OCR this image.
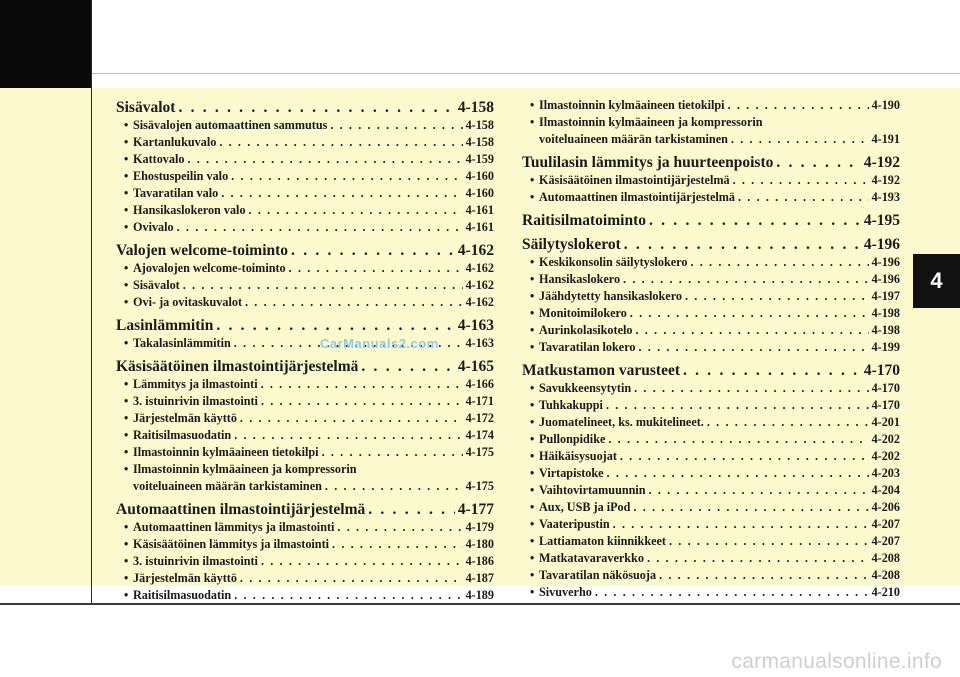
4
Sisävalot . . .	4-158
• Sisävalojen automaattinen sammutus . . .	4-158
• Kartanlukuvalo . . .	4-158
• Kattovalo . . .	4-159
• Ehostuspeilin valo . . .	4-160
• Tavaratilan valo . . .	4-160
• Hansikaslokeron valo . . .	4-161
• Ovivalo . . .	4-161
Valojen welcome-toiminto . . .	4-162
• Ajovalojen welcome-toiminto . . .	4-162
• Sisävalot . . .	4-162
• Ovi- ja ovitaskuvalot . . .	4-162
Lasinlämmitin . . .	4-163
• Takalasinlämmitin . . .	4-163
Käsisäätöinen ilmastointijärjestelmä . . .	4-165
• Lämmitys ja ilmastointi . . .	4-166
• 3. istuinrivin ilmastointi . . .	4-171
• Järjestelmän käyttö . . .	4-172
• Raitisilmasuodatin . . .	4-174
• Ilmastoinnin kylmäaineen tietokilpi . . .	4-175
• Ilmastoinnin kylmäaineen ja kompressorin
voiteluaineen määrän tarkistaminen . . .	4-175
Automaattinen ilmastointijärjestelmä . . .	4-177
• Automaattinen lämmitys ja ilmastointi . . .	4-179
• Käsisäätöinen lämmitys ja ilmastointi . . .	4-180
• 3. istuinrivin ilmastointi . . .	4-186
• Järjestelmän käyttö . . .	4-187
• Raitisilmasuodatin . . .	4-189
• Ilmastoinnin kylmäaineen tietokilpi . . .	4-190
• Ilmastoinnin kylmäaineen ja kompressorin
voiteluaineen määrän tarkistaminen . . .	4-191
Tuulilasin lämmitys ja huurteenpoisto . . .	4-192
• Käsisäätöinen ilmastointijärjestelmä . . .	4-192
• Automaattinen ilmastointijärjestelmä . . .	4-193
Raitisilmatoiminto . . .	4-195
Säilytyslokerot . . .	4-196
• Keskikonsolin säilytyslokero . . .	4-196
• Hansikaslokero . . .	4-196
• Jäähdytetty hansikaslokero . . .	4-197
• Monitoimilokero . . .	4-198
• Aurinkolasikotelo . . .	4-198
• Tavaratilan lokero . . .	4-199
Matkustamon varusteet . . .	4-170
• Savukkeensytytin . . .	4-170
• Tuhkakuppi . . .	4-170
• Juomatelineet, ks. mukitelineet. . . .	4-201
• Pullonpidike . . .	4-202
• Häikäisysuojat . . .	4-202
• Virtapistoke . . .	4-203
• Vaihtovirtamuunnin . . .	4-204
• Aux, USB ja iPod . . .	4-206
• Vaateripustin . . .	4-207
• Lattiamaton kiinnikkeet . . .	4-207
• Matkatavaraverkko . . .	4-208
• Tavaratilan näkösuoja . . .	4-208
• Sivuverho . . .	4-210
CarManuals2.com
carmanualsonline.info
